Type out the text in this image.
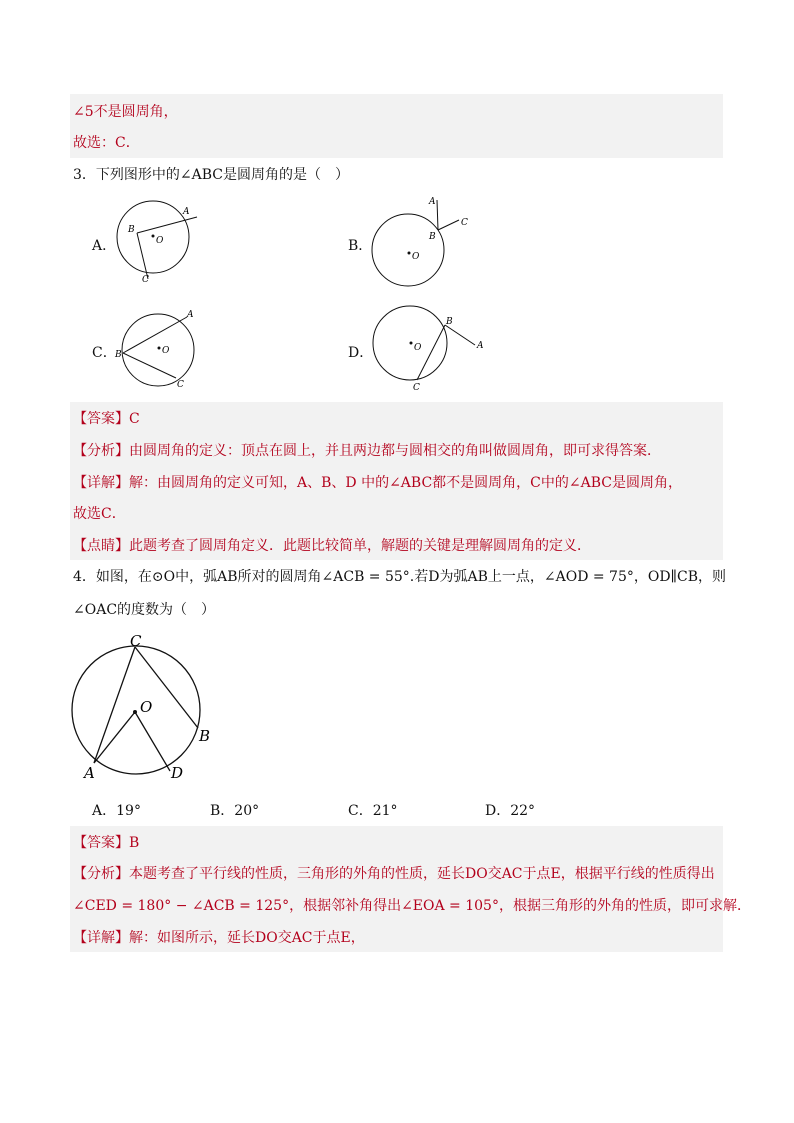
∠5不是圆周角，
故选：C．
3．下列图形中的∠ABC是圆周角的是（　）
A．
B
O
A
C
B．
A
B
C
O
C．
B	O
A
C
D．
B
A
C
O
【答案】C
【分析】由圆周角的定义：顶点在圆上，并且两边都与圆相交的角叫做圆周角，即可求得答案．
【详解】解：由圆周角的定义可知，A、B、D 中的∠ABC都不是圆周角，C中的∠ABC是圆周角，
故选C．
【点睛】此题考查了圆周角定义．此题比较简单，解题的关键是理解圆周角的定义．
4．如图，在⊙O中，弧AB所对的圆周角∠ACB = 55°.若D为弧AB上一点，∠AOD = 75°，OD∥CB，则
∠OAC的度数为（　）
C
O
B
A	D
A．19°	B．20°	C．21°	D．22°
【答案】B
【分析】本题考查了平行线的性质，三角形的外角的性质，延长DO交AC于点E，根据平行线的性质得出
∠CED = 180° − ∠ACB = 125°，根据邻补角得出∠EOA = 105°，根据三角形的外角的性质，即可求解．
【详解】解：如图所示，延长DO交AC于点E，
